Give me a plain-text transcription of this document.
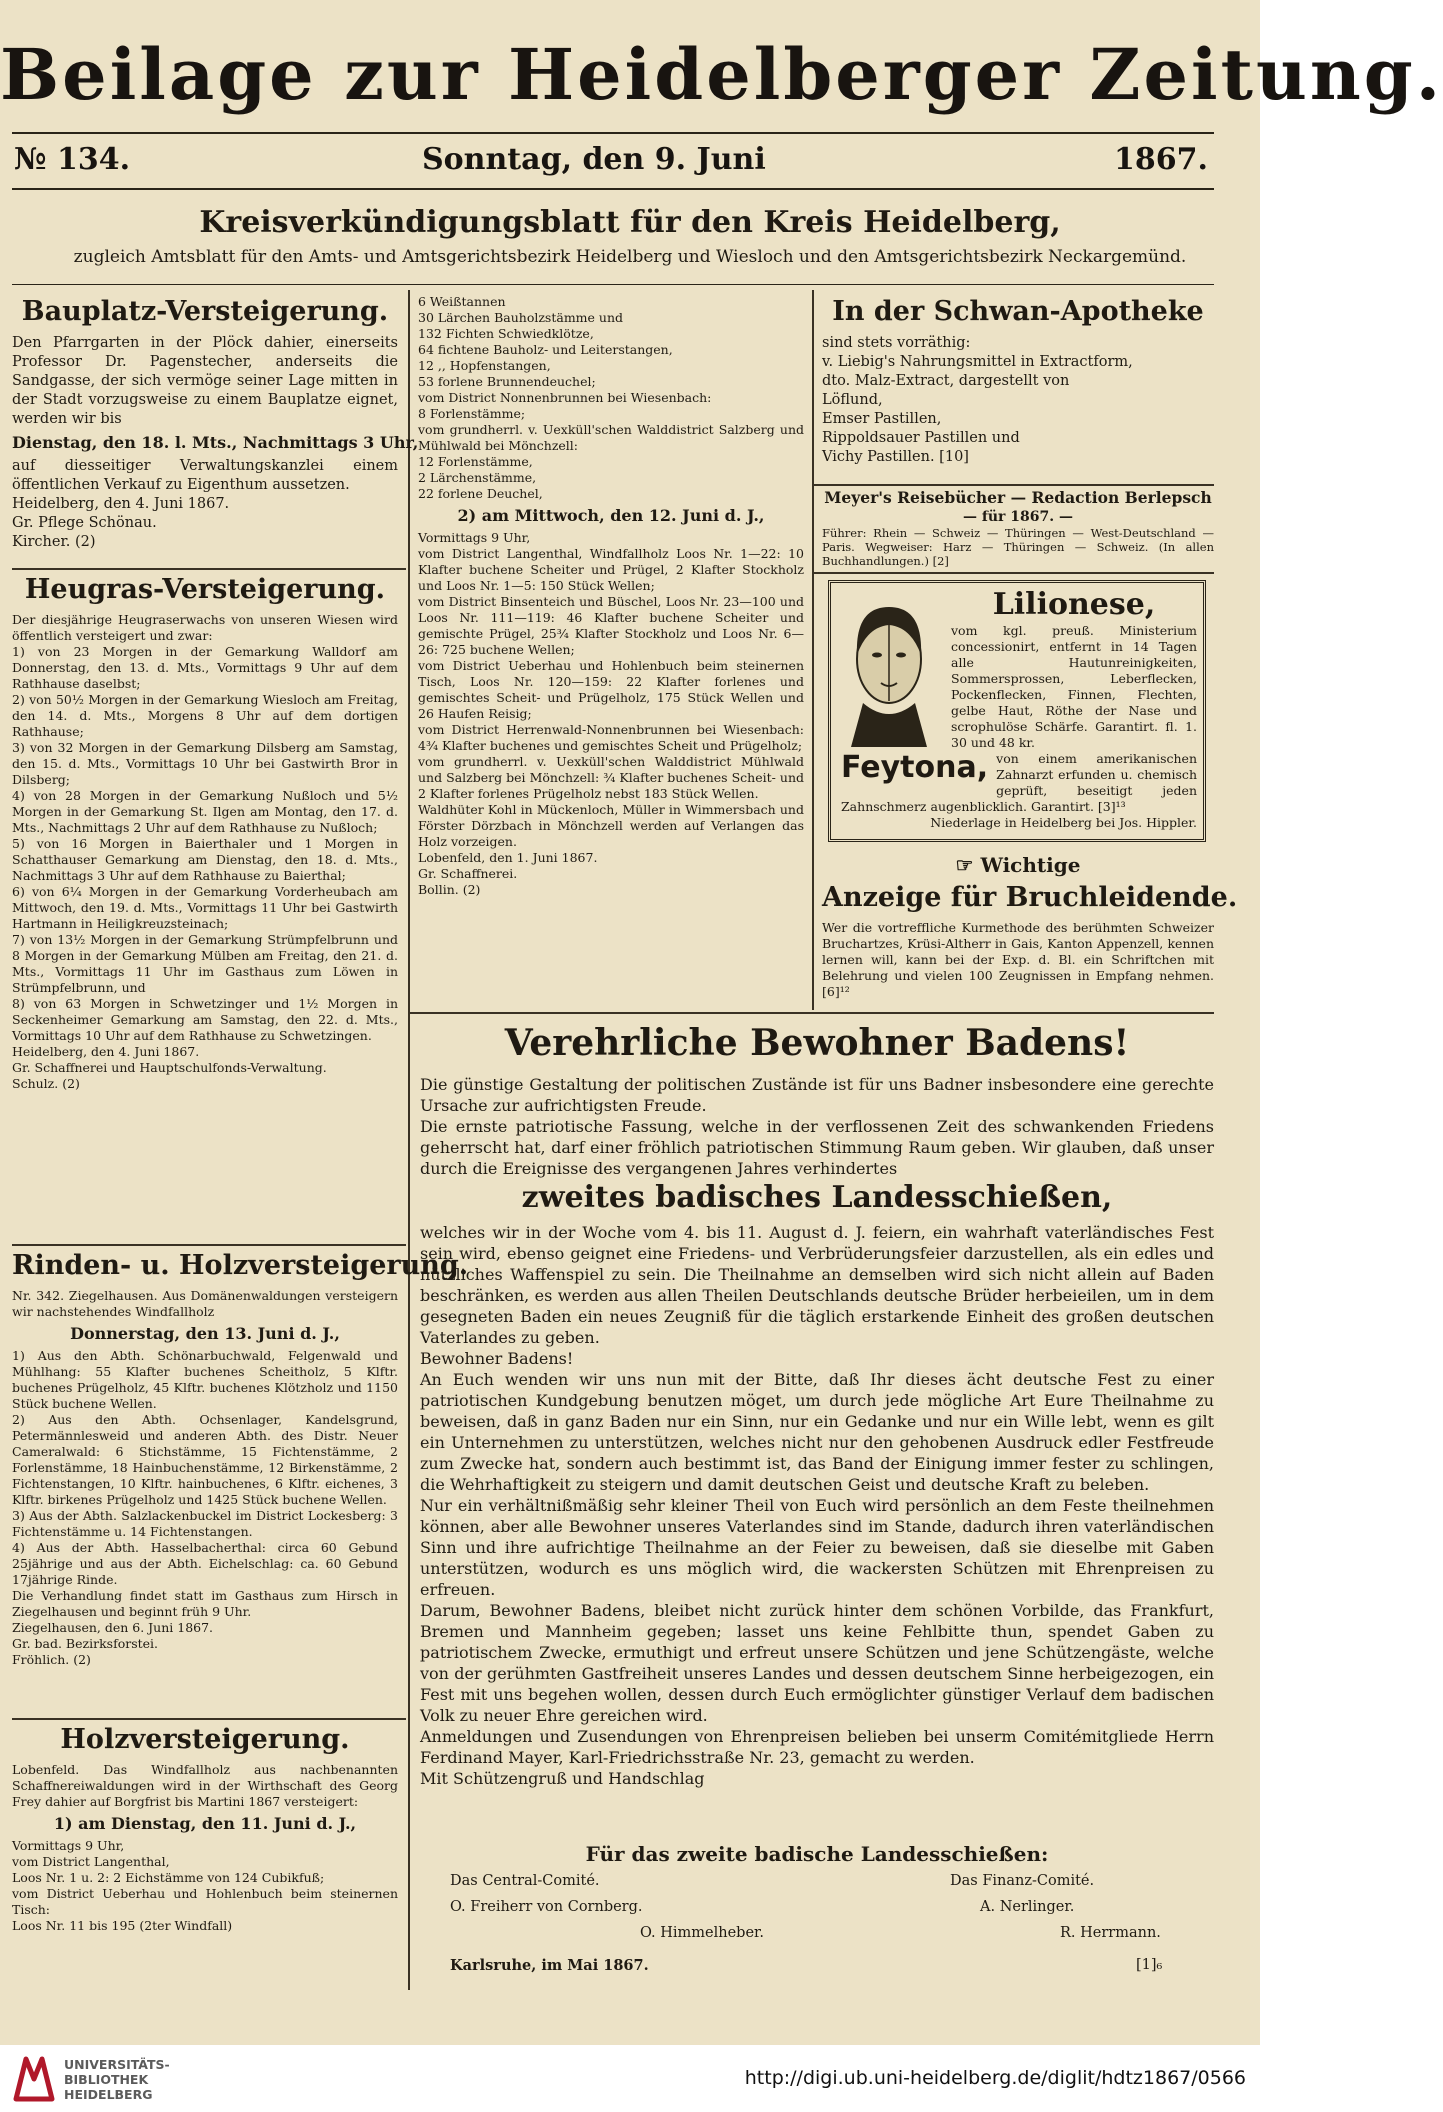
Beilage zur Heidelberger Zeitung.
№ 134.	Sonntag, den 9. Juni	1867.
Kreisverkündigungsblatt für den Kreis Heidelberg,
zugleich Amtsblatt für den Amts- und Amtsgerichtsbezirk Heidelberg und Wiesloch und den Amtsgerichtsbezirk Neckargemünd.
Bauplatz-Versteigerung.

Den Pfarrgarten in der Plöck dahier, einerseits Professor Dr. Pagenstecher, anderseits die Sandgasse, der sich vermöge seiner Lage mitten in der Stadt vorzugsweise zu einem Bauplatze eignet, werden wir bis

Dienstag, den 18. l. Mts., Nachmittags 3 Uhr,

auf diesseitiger Verwaltungskanzlei einem öffentlichen Verkauf zu Eigenthum aussetzen.
Heidelberg, den 4. Juni 1867.
Gr. Pflege Schönau.
Kircher. (2)

Heugras-Versteigerung.

Der diesjährige Heugraserwachs von unseren Wiesen wird öffentlich versteigert und zwar:
1) von 23 Morgen in der Gemarkung Walldorf am Donnerstag, den 13. d. Mts., Vormittags 9 Uhr auf dem Rathhause daselbst;
2) von 50½ Morgen in der Gemarkung Wiesloch am Freitag, den 14. d. Mts., Morgens 8 Uhr auf dem dortigen Rathhause;
3) von 32 Morgen in der Gemarkung Dilsberg am Samstag, den 15. d. Mts., Vormittags 10 Uhr bei Gastwirth Bror in Dilsberg;
4) von 28 Morgen in der Gemarkung Nußloch und 5½ Morgen in der Gemarkung St. Ilgen am Montag, den 17. d. Mts., Nachmittags 2 Uhr auf dem Rathhause zu Nußloch;
5) von 16 Morgen in Baierthaler und 1 Morgen in Schatthauser Gemarkung am Dienstag, den 18. d. Mts., Nachmittags 3 Uhr auf dem Rathhause zu Baierthal;
6) von 6¼ Morgen in der Gemarkung Vorderheubach am Mittwoch, den 19. d. Mts., Vormittags 11 Uhr bei Gastwirth Hartmann in Heiligkreuzsteinach;
7) von 13½ Morgen in der Gemarkung Strümpfelbrunn und 8 Morgen in der Gemarkung Mülben am Freitag, den 21. d. Mts., Vormittags 11 Uhr im Gasthaus zum Löwen in Strümpfelbrunn, und
8) von 63 Morgen in Schwetzinger und 1½ Morgen in Seckenheimer Gemarkung am Samstag, den 22. d. Mts., Vormittags 10 Uhr auf dem Rathhause zu Schwetzingen.
Heidelberg, den 4. Juni 1867.
Gr. Schaffnerei und Hauptschulfonds-Verwaltung.
Schulz. (2)

Rinden- u. Holzversteigerung.

Nr. 342. Ziegelhausen. Aus Domänenwaldungen versteigern wir nachstehendes Windfallholz

Donnerstag, den 13. Juni d. J.,

1) Aus den Abth. Schönarbuchwald, Felgenwald und Mühlhang: 55 Klafter buchenes Scheitholz, 5 Klftr. buchenes Prügelholz, 45 Klftr. buchenes Klötzholz und 1150 Stück buchene Wellen.
2) Aus den Abth. Ochsenlager, Kandelsgrund, Petermännlesweid und anderen Abth. des Distr. Neuer Cameralwald: 6 Stichstämme, 15 Fichtenstämme, 2 Forlenstämme, 18 Hainbuchenstämme, 12 Birkenstämme, 2 Fichtenstangen, 10 Klftr. hainbuchenes, 6 Klftr. eichenes, 3 Klftr. birkenes Prügelholz und 1425 Stück buchene Wellen.
3) Aus der Abth. Salzlackenbuckel im District Lockesberg: 3 Fichtenstämme u. 14 Fichtenstangen.
4) Aus der Abth. Hasselbacherthal: circa 60 Gebund 25jährige und aus der Abth. Eichelschlag: ca. 60 Gebund 17jährige Rinde.
Die Verhandlung findet statt im Gasthaus zum Hirsch in Ziegelhausen und beginnt früh 9 Uhr.
Ziegelhausen, den 6. Juni 1867.
Gr. bad. Bezirksforstei.
Fröhlich. (2)

Holzversteigerung.

Lobenfeld. Das Windfallholz aus nachbenannten Schaffnereiwaldungen wird in der Wirthschaft des Georg Frey dahier auf Borgfrist bis Martini 1867 versteigert:

1) am Dienstag, den 11. Juni d. J.,

Vormittags 9 Uhr,
vom District Langenthal,
Loos Nr. 1 u. 2: 2 Eichstämme von 124 Cubikfuß;
vom District Ueberhau und Hohlenbuch beim steinernen Tisch:
Loos Nr. 11 bis 195 (2ter Windfall)

6 Weißtannen
30 Lärchen Bauholzstämme und
132 Fichten Schwiedklötze,
64 fichtene Bauholz- und Leiterstangen,
12 ,, Hopfenstangen,
53 forlene Brunnendeuchel;
vom District Nonnenbrunnen bei Wiesenbach:
8 Forlenstämme;
vom grundherrl. v. Uexküll'schen Walddistrict Salzberg und Mühlwald bei Mönchzell:
12 Forlenstämme,
2 Lärchenstämme,
22 forlene Deuchel,

2) am Mittwoch, den 12. Juni d. J.,

Vormittags 9 Uhr,
vom District Langenthal, Windfallholz Loos Nr. 1—22: 10 Klafter buchene Scheiter und Prügel, 2 Klafter Stockholz und Loos Nr. 1—5: 150 Stück Wellen;
vom District Binsenteich und Büschel, Loos Nr. 23—100 und Loos Nr. 111—119: 46 Klafter buchene Scheiter und gemischte Prügel, 25¾ Klafter Stockholz und Loos Nr. 6—26: 725 buchene Wellen;
vom District Ueberhau und Hohlenbuch beim steinernen Tisch, Loos Nr. 120—159: 22 Klafter forlenes und gemischtes Scheit- und Prügelholz, 175 Stück Wellen und 26 Haufen Reisig;
vom District Herrenwald-Nonnenbrunnen bei Wiesenbach: 4¾ Klafter buchenes und gemischtes Scheit und Prügelholz;
vom grundherrl. v. Uexküll'schen Walddistrict Mühlwald und Salzberg bei Mönchzell: ¾ Klafter buchenes Scheit- und 2 Klafter forlenes Prügelholz nebst 183 Stück Wellen.
Waldhüter Kohl in Mückenloch, Müller in Wimmersbach und Förster Dörzbach in Mönchzell werden auf Verlangen das Holz vorzeigen.
Lobenfeld, den 1. Juni 1867.
Gr. Schaffnerei.
Bollin. (2)

In der Schwan-Apotheke

sind stets vorräthig:
v. Liebig's Nahrungsmittel in Extractform,
dto. Malz-Extract, dargestellt von
Löflund,
Emser Pastillen,
Rippoldsauer Pastillen und
Vichy Pastillen. [10]

Meyer's Reisebücher — Redaction Berlepsch
— für 1867. —

Führer: Rhein — Schweiz — Thüringen — West-Deutschland — Paris. Wegweiser: Harz — Thüringen — Schweiz. (In allen Buchhandlungen.) [2]

Lilionese,

vom kgl. preuß. Ministerium concessionirt, entfernt in 14 Tagen alle Hautunreinigkeiten, Sommersprossen, Leberflecken, Pockenflecken, Finnen, Flechten, gelbe Haut, Röthe der Nase und scrophulöse Schärfe. Garantirt. fl. 1. 30 und 48 kr.

Feytona, von einem amerikanischen Zahnarzt erfunden u. chemisch geprüft, beseitigt jeden Zahnschmerz augenblicklich. Garantirt. [3]¹³

Niederlage in Heidelberg bei Jos. Hippler.

☞ Wichtige
Anzeige für Bruchleidende.

Wer die vortreffliche Kurmethode des berühmten Schweizer Bruchartzes, Krüsi-Altherr in Gais, Kanton Appenzell, kennen lernen will, kann bei der Exp. d. Bl. ein Schriftchen mit Belehrung und vielen 100 Zeugnissen in Empfang nehmen. [6]¹²

Verehrliche Bewohner Badens!

Die günstige Gestaltung der politischen Zustände ist für uns Badner insbesondere eine gerechte Ursache zur aufrichtigsten Freude.
Die ernste patriotische Fassung, welche in der verflossenen Zeit des schwankenden Friedens geherrscht hat, darf einer fröhlich patriotischen Stimmung Raum geben. Wir glauben, daß unser durch die Ereignisse des vergangenen Jahres verhindertes

zweites badisches Landesschießen,

welches wir in der Woche vom 4. bis 11. August d. J. feiern, ein wahrhaft vaterländisches Fest sein wird, ebenso geignet eine Friedens- und Verbrüderungsfeier darzustellen, als ein edles und nützliches Waffenspiel zu sein. Die Theilnahme an demselben wird sich nicht allein auf Baden beschränken, es werden aus allen Theilen Deutschlands deutsche Brüder herbeieilen, um in dem gesegneten Baden ein neues Zeugniß für die täglich erstarkende Einheit des großen deutschen Vaterlandes zu geben.
Bewohner Badens!
An Euch wenden wir uns nun mit der Bitte, daß Ihr dieses ächt deutsche Fest zu einer patriotischen Kundgebung benutzen möget, um durch jede mögliche Art Eure Theilnahme zu beweisen, daß in ganz Baden nur ein Sinn, nur ein Gedanke und nur ein Wille lebt, wenn es gilt ein Unternehmen zu unterstützen, welches nicht nur den gehobenen Ausdruck edler Festfreude zum Zwecke hat, sondern auch bestimmt ist, das Band der Einigung immer fester zu schlingen, die Wehrhaftigkeit zu steigern und damit deutschen Geist und deutsche Kraft zu beleben.
Nur ein verhältnißmäßig sehr kleiner Theil von Euch wird persönlich an dem Feste theilnehmen können, aber alle Bewohner unseres Vaterlandes sind im Stande, dadurch ihren vaterländischen Sinn und ihre aufrichtige Theilnahme an der Feier zu beweisen, daß sie dieselbe mit Gaben unterstützen, wodurch es uns möglich wird, die wackersten Schützen mit Ehrenpreisen zu erfreuen.
Darum, Bewohner Badens, bleibet nicht zurück hinter dem schönen Vorbilde, das Frankfurt, Bremen und Mannheim gegeben; lasset uns keine Fehlbitte thun, spendet Gaben zu patriotischem Zwecke, ermuthigt und erfreut unsere Schützen und jene Schützengäste, welche von der gerühmten Gastfreiheit unseres Landes und dessen deutschem Sinne herbeigezogen, ein Fest mit uns begehen wollen, dessen durch Euch ermöglichter günstiger Verlauf dem badischen Volk zu neuer Ehre gereichen wird.
Anmeldungen und Zusendungen von Ehrenpreisen belieben bei unserm Comitémitgliede Herrn Ferdinand Mayer, Karl-Friedrichsstraße Nr. 23, gemacht zu werden.
Mit Schützengruß und Handschlag

Für das zweite badische Landesschießen:
Das Central-Comité.
O. Freiherr von Cornberg.
O. Himmelheber.
Das Finanz-Comité.
A. Nerlinger.
R. Herrmann.
Karlsruhe, im Mai 1867.	[1]₆
UNIVERSITÄTS-
BIBLIOTHEK
HEIDELBERG
http://digi.ub.uni-heidelberg.de/diglit/hdtz1867/0566
